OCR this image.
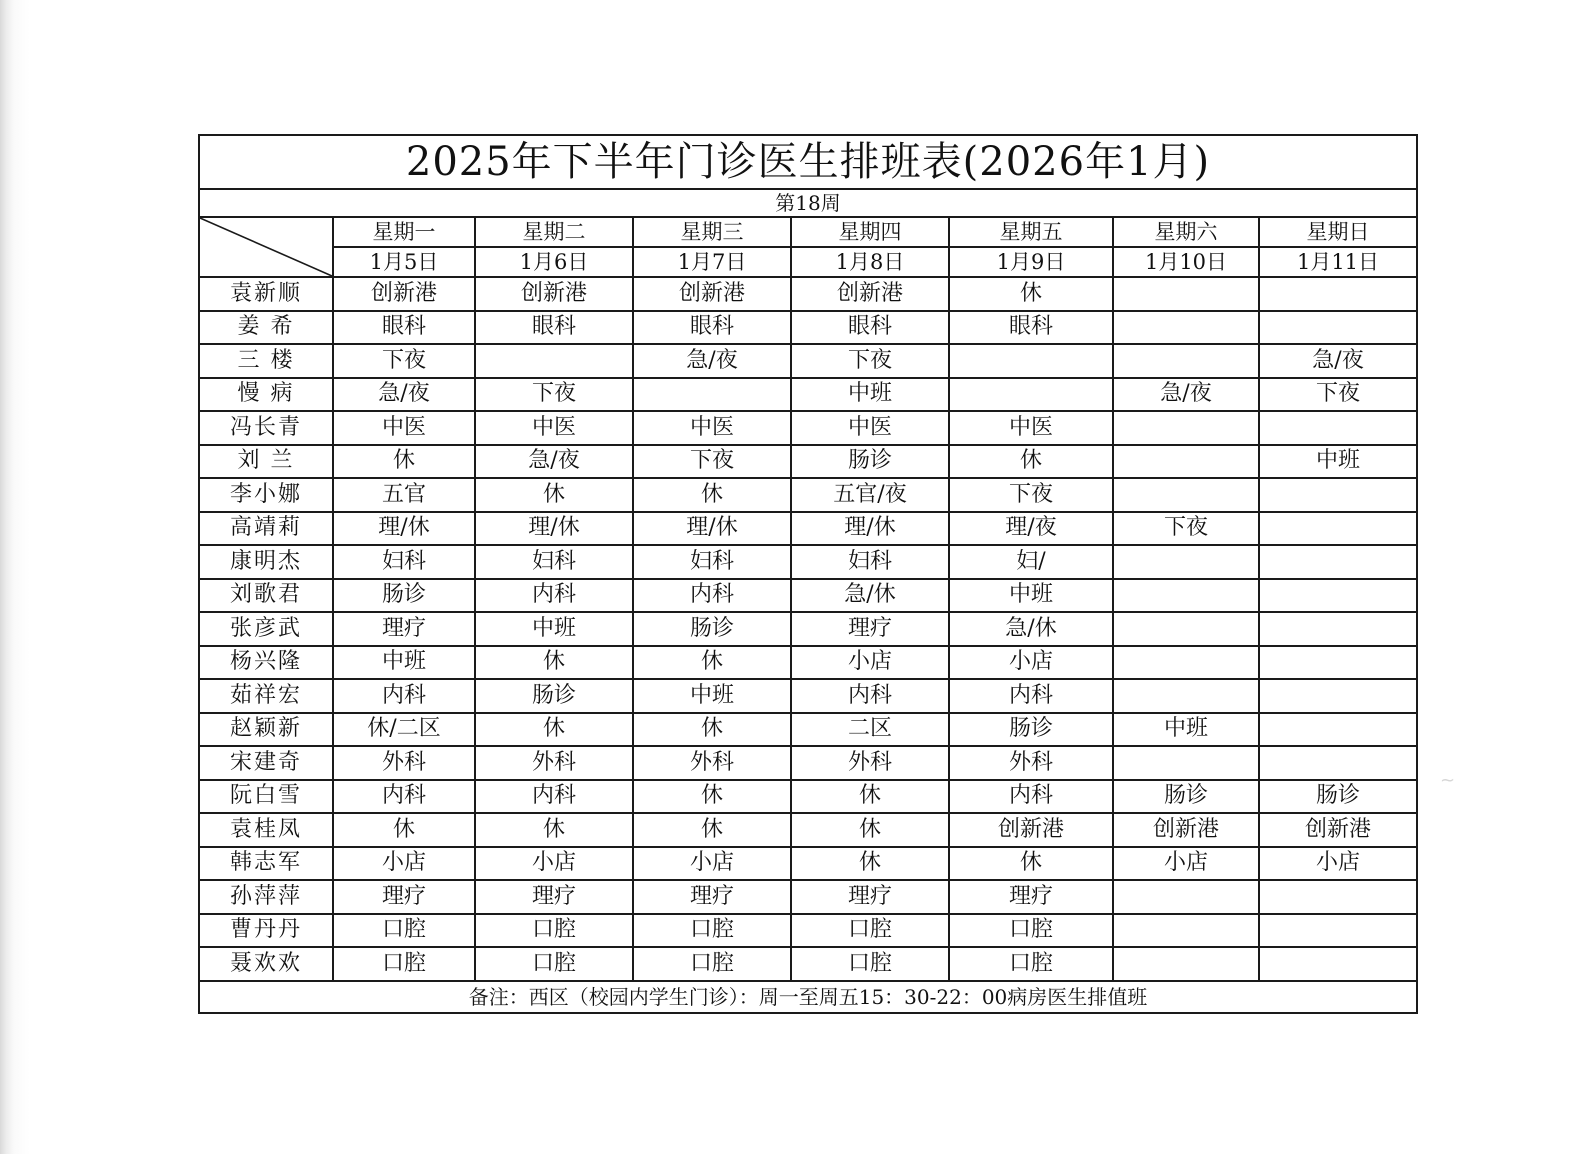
2025年下半年门诊医生排班表(2026年1月)							
第18周							

	星期一	星期二	星期三	星期四	星期五	星期六	星期日
	1月5日	1月6日	1月7日	1月8日	1月9日	1月10日	1月11日
袁新顺	创新港	创新港	创新港	创新港	休		
姜 希	眼科	眼科	眼科	眼科	眼科		
三 楼	下夜		急/夜	下夜			急/夜
慢 病	急/夜	下夜		中班		急/夜	下夜
冯长青	中医	中医	中医	中医	中医		
刘 兰	休	急/夜	下夜	肠诊	休		中班
李小娜	五官	休	休	五官/夜	下夜		
高靖莉	理/休	理/休	理/休	理/休	理/夜	下夜	
康明杰	妇科	妇科	妇科	妇科	妇/		
刘歌君	肠诊	内科	内科	急/休	中班		
张彦武	理疗	中班	肠诊	理疗	急/休		
杨兴隆	中班	休	休	小店	小店		
茹祥宏	内科	肠诊	中班	内科	内科		
赵颖新	休/二区	休	休	二区	肠诊	中班	
宋建奇	外科	外科	外科	外科	外科		
阮白雪	内科	内科	休	休	内科	肠诊	肠诊
袁桂凤	休	休	休	休	创新港	创新港	创新港
韩志军	小店	小店	小店	休	休	小店	小店
孙萍萍	理疗	理疗	理疗	理疗	理疗		
曹丹丹	口腔	口腔	口腔	口腔	口腔		
聂欢欢	口腔	口腔	口腔	口腔	口腔		
备注：西区（校园内学生门诊）：周一至周五15：30-22：00病房医生排值班							
~
